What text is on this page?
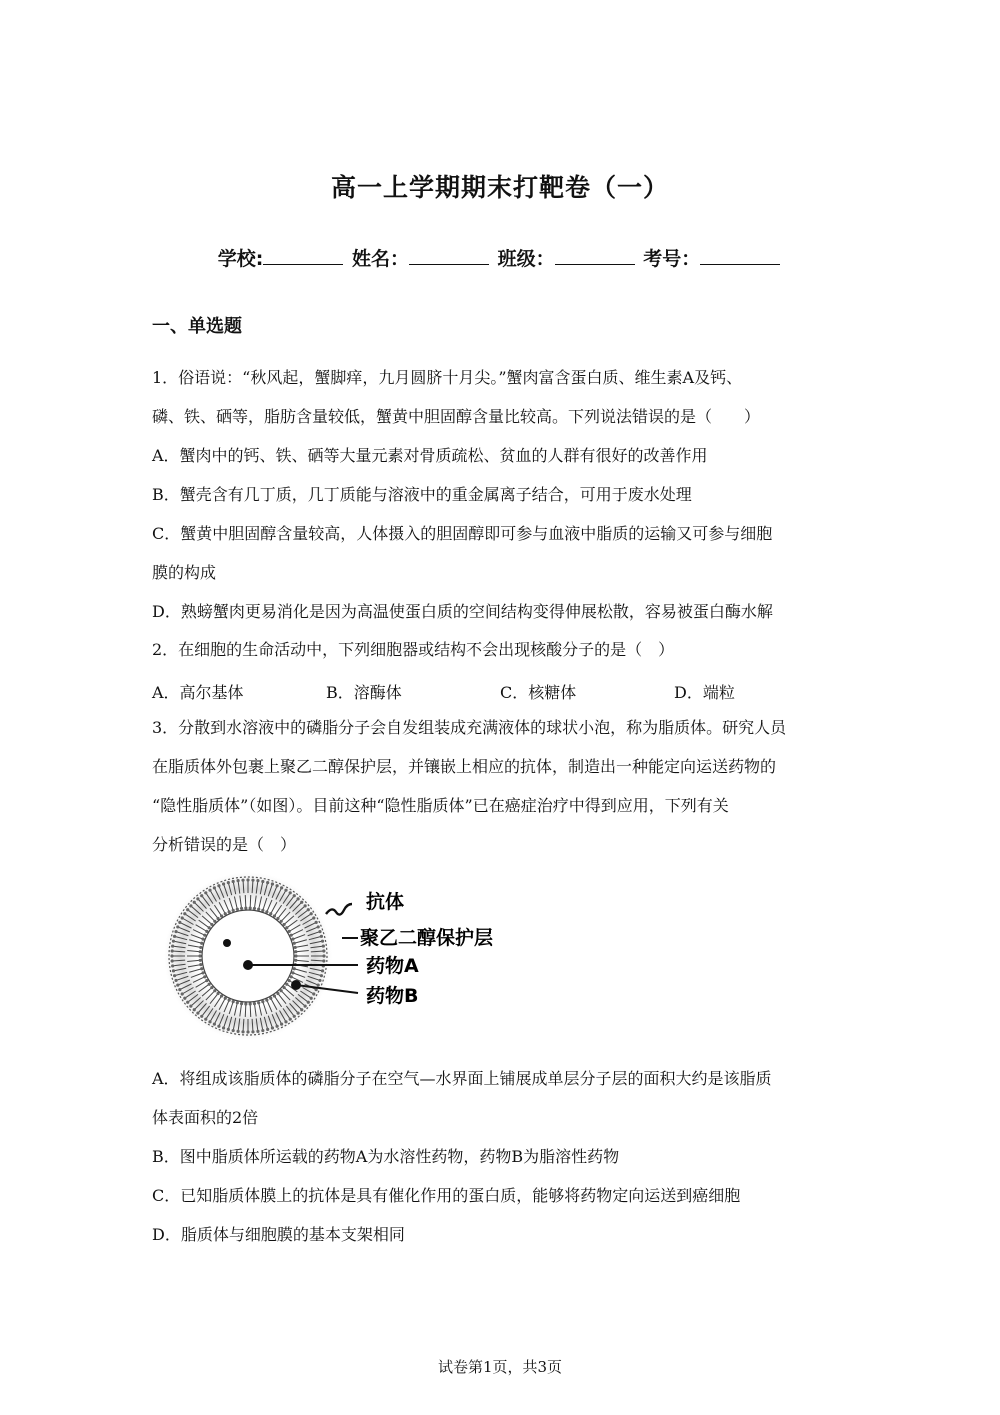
高一上学期期末打靶卷（一）
学校:	姓名：	班级：	考号：
一、单选题
1．俗语说：“秋风起，蟹脚痒，九月圆脐十月尖。”蟹肉富含蛋白质、维生素A及钙、
磷、铁、硒等，脂肪含量较低，蟹黄中胆固醇含量比较高。下列说法错误的是（　　）
A．蟹肉中的钙、铁、硒等大量元素对骨质疏松、贫血的人群有很好的改善作用
B．蟹壳含有几丁质，几丁质能与溶液中的重金属离子结合，可用于废水处理
C．蟹黄中胆固醇含量较高，人体摄入的胆固醇即可参与血液中脂质的运输又可参与细胞
膜的构成
D．熟螃蟹肉更易消化是因为高温使蛋白质的空间结构变得伸展松散，容易被蛋白酶水解
2．在细胞的生命活动中，下列细胞器或结构不会出现核酸分子的是（　）
A．高尔基体	B．溶酶体	C．核糖体	D．端粒
3．分散到水溶液中的磷脂分子会自发组装成充满液体的球状小泡，称为脂质体。研究人员
在脂质体外包裹上聚乙二醇保护层，并镶嵌上相应的抗体，制造出一种能定向运送药物的
“隐性脂质体”（如图）。目前这种“隐性脂质体”已在癌症治疗中得到应用，下列有关
分析错误的是（　）
抗体
聚乙二醇保护层
药物A
药物B
A．将组成该脂质体的磷脂分子在空气—水界面上铺展成单层分子层的面积大约是该脂质
体表面积的2倍
B．图中脂质体所运载的药物A为水溶性药物，药物B为脂溶性药物
C．已知脂质体膜上的抗体是具有催化作用的蛋白质，能够将药物定向运送到癌细胞
D．脂质体与细胞膜的基本支架相同
试卷第1页，共3页
